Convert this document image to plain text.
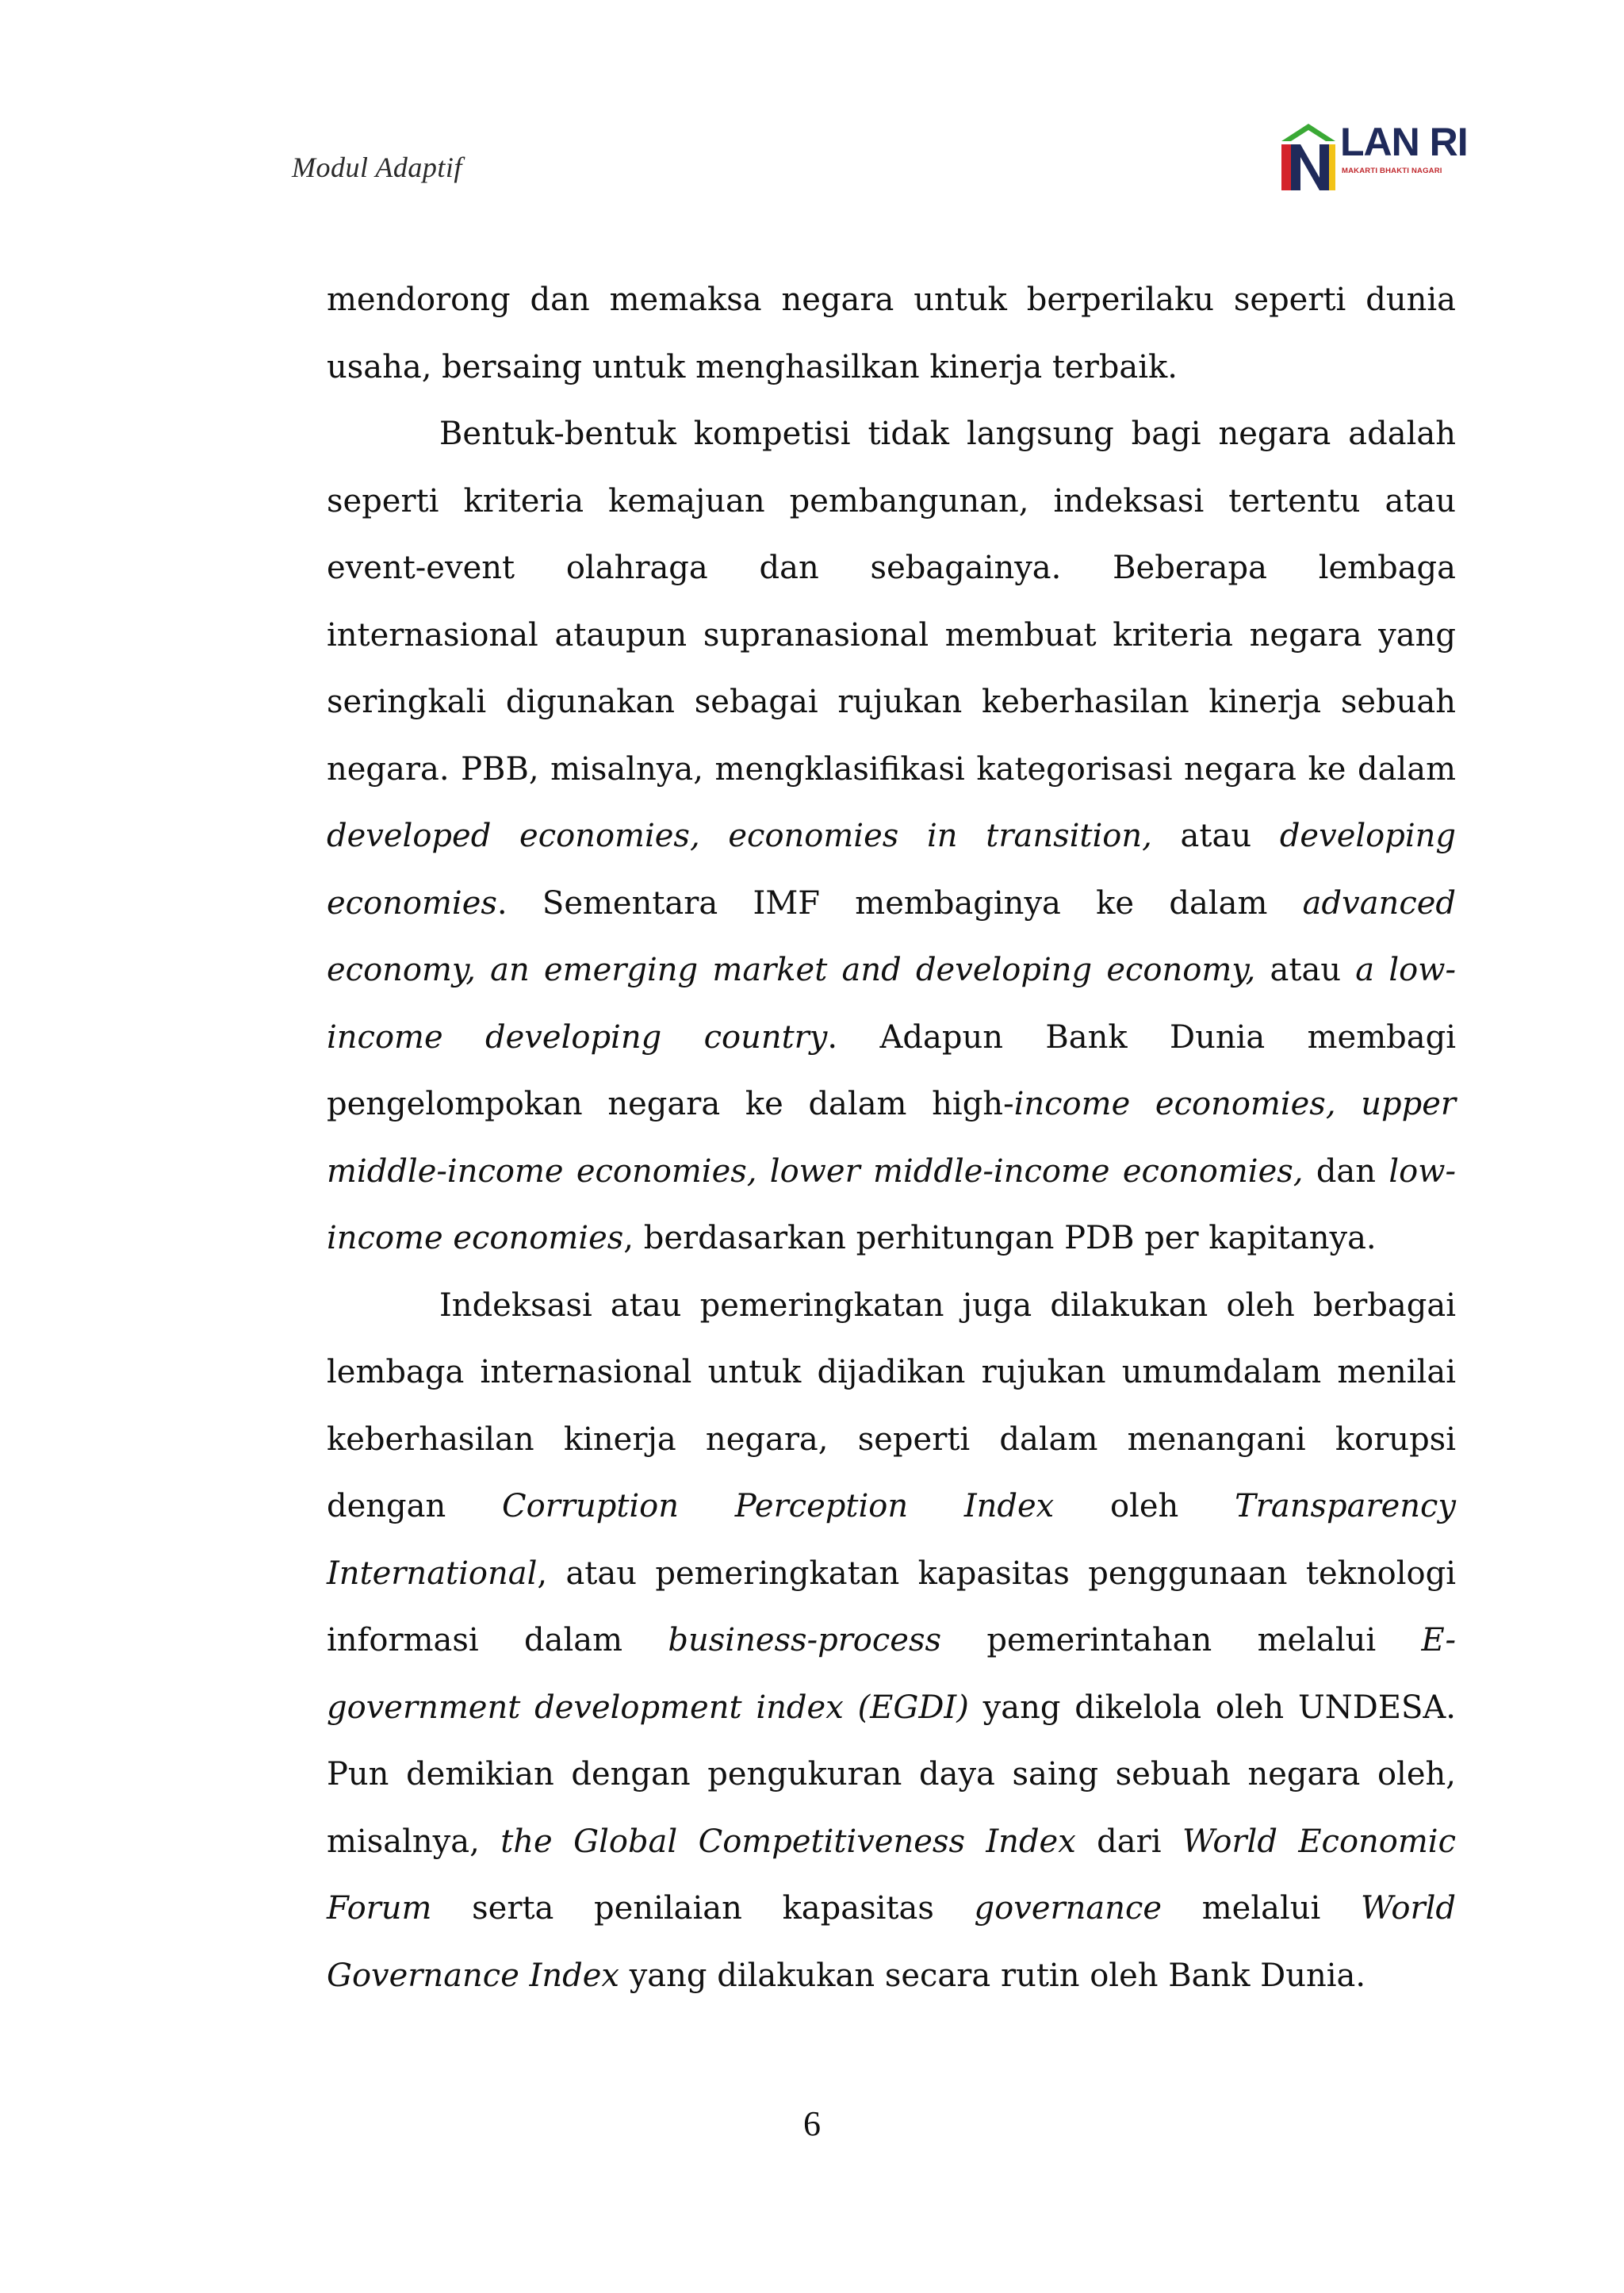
Modul Adaptif
LAN RI
MAKARTI BHAKTI NAGARI

mendorong dan memaksa negara untuk berperilaku seperti dunia usaha, bersaing untuk menghasilkan kinerja terbaik.

Bentuk-bentuk kompetisi tidak langsung bagi negara adalah seperti kriteria kemajuan pembangunan, indeksasi tertentu atau event-event olahraga dan sebagainya. Beberapa lembaga internasional ataupun supranasional membuat kriteria negara yang seringkali digunakan sebagai rujukan keberhasilan kinerja sebuah negara. PBB, misalnya, mengklasifikasi kategorisasi negara ke dalam developed economies, economies in transition, atau developing economies. Sementara IMF membaginya ke dalam advanced economy, an emerging market and developing economy, atau a low-income developing country. Adapun Bank Dunia membagi pengelompokan negara ke dalam high-income economies, upper middle-income economies, lower middle-income economies, dan low-income economies, berdasarkan perhitungan PDB per kapitanya.

Indeksasi atau pemeringkatan juga dilakukan oleh berbagai lembaga internasional untuk dijadikan rujukan umumdalam menilai keberhasilan kinerja negara, seperti dalam menangani korupsi dengan Corruption Perception Index oleh Transparency International, atau pemeringkatan kapasitas penggunaan teknologi informasi dalam business-process pemerintahan melalui E-government development index (EGDI) yang dikelola oleh UNDESA. Pun demikian dengan pengukuran daya saing sebuah negara oleh, misalnya, the Global Competitiveness Index dari World Economic Forum serta penilaian kapasitas governance melalui World Governance Index yang dilakukan secara rutin oleh Bank Dunia.

6
